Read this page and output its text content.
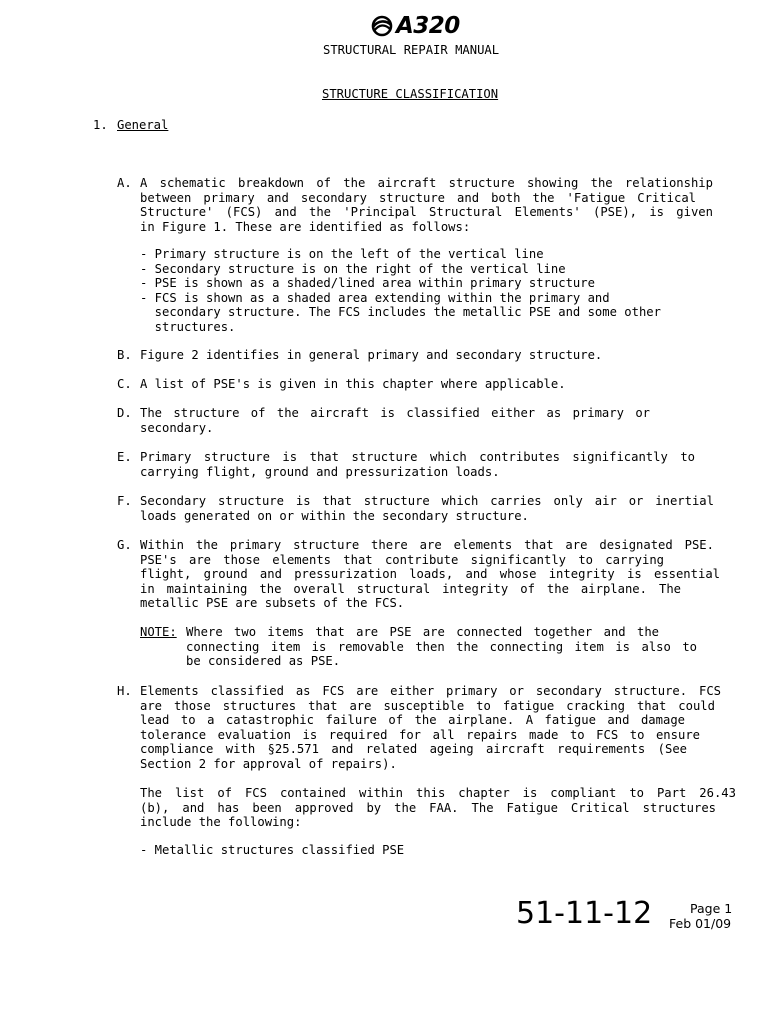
A320
STRUCTURAL REPAIR MANUAL
STRUCTURE CLASSIFICATION
1. General
A. A schematic breakdown of the aircraft structure showing the relationship
between primary and secondary structure and both the 'Fatigue Critical
Structure' (FCS) and the 'Principal Structural Elements' (PSE), is given
in Figure 1. These are identified as follows:
- Primary structure is on the left of the vertical line
- Secondary structure is on the right of the vertical line
- PSE is shown as a shaded/lined area within primary structure
- FCS is shown as a shaded area extending within the primary and
secondary structure. The FCS includes the metallic PSE and some other
structures.
B. Figure 2 identifies in general primary and secondary structure.
C. A list of PSE's is given in this chapter where applicable.
D. The structure of the aircraft is classified either as primary or
secondary.
E. Primary structure is that structure which contributes significantly to
carrying flight, ground and pressurization loads.
F. Secondary structure is that structure which carries only air or inertial
loads generated on or within the secondary structure.
G. Within the primary structure there are elements that are designated PSE.
PSE's are those elements that contribute significantly to carrying
flight, ground and pressurization loads, and whose integrity is essential
in maintaining the overall structural integrity of the airplane. The
metallic PSE are subsets of the FCS.
NOTE: Where two items that are PSE are connected together and the
connecting item is removable then the connecting item is also to
be considered as PSE.
H. Elements classified as FCS are either primary or secondary structure. FCS
are those structures that are susceptible to fatigue cracking that could
lead to a catastrophic failure of the airplane. A fatigue and damage
tolerance evaluation is required for all repairs made to FCS to ensure
compliance with §25.571 and related ageing aircraft requirements (See
Section 2 for approval of repairs).
The list of FCS contained within this chapter is compliant to Part 26.43
(b), and has been approved by the FAA. The Fatigue Critical structures
include the following:
- Metallic structures classified PSE
51-11-12	Page 1
Feb 01/09
